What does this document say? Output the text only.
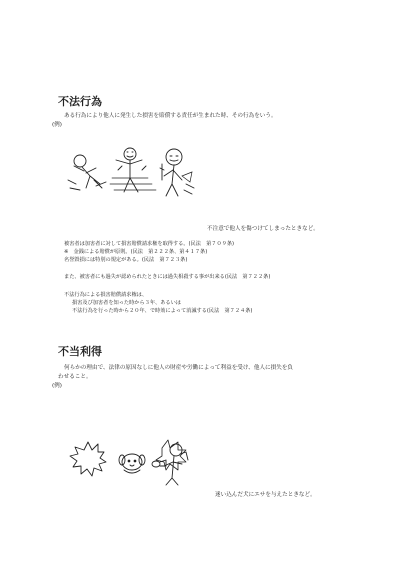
不法行為
ある行為により他人に発生した損害を賠償する責任が生まれた時、その行為をいう。
(例)
不注意で他人を傷つけてしまったときなど。
被害者は加害者に対して損害賠償請求権を取得する。(民法　第７０９条)
※　金銭による賠償が原則。(民法　第２２２条、第４１７条)
名誉毀損には特別の規定がある。(民法　第７２３条)
また、被害者にも過失が認められたときには過失相殺する事が出来る(民法　第７２２条)
不法行為による損害賠償請求権は、
損害及び加害者を知った時から３年、あるいは
不法行為を行った時から２０年、で時効によって消滅する(民法　第７２４条)
不当利得
何らかの理由で、法律の原因なしに他人の財産や労働によって利益を受け、他人に損失を負
わせること。
(例)
迷い込んだ犬にエサを与えたときなど。
